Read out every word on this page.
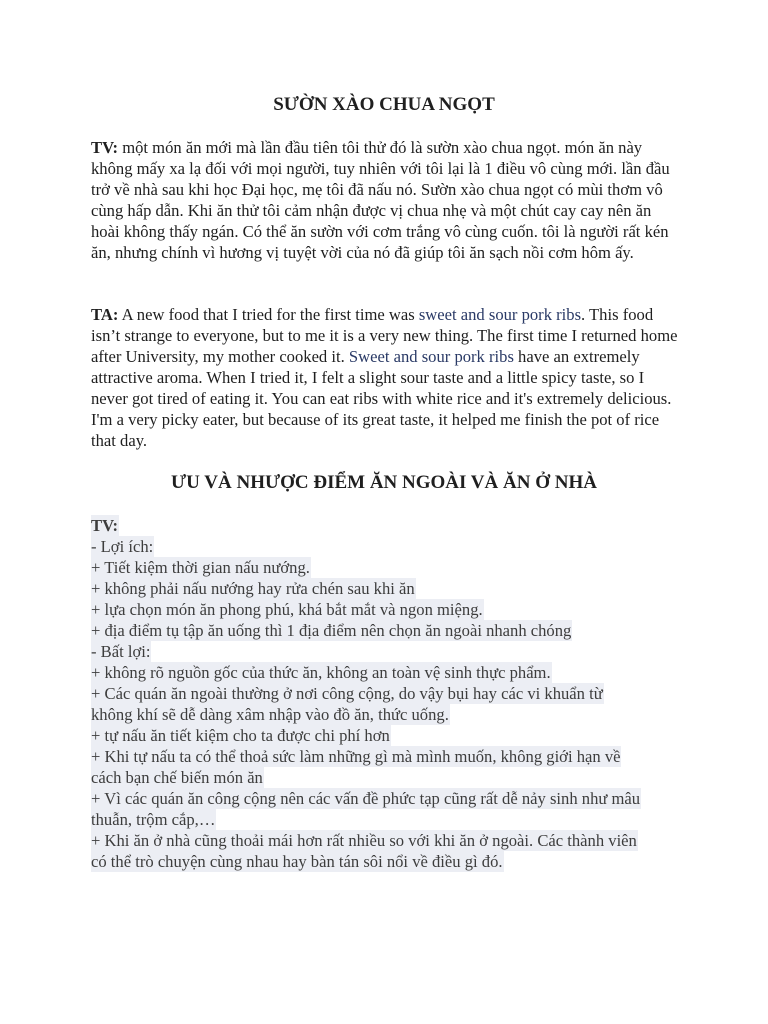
SƯỜN XÀO CHUA NGỌT

TV: một món ăn mới mà lần đầu tiên tôi thử đó là sườn xào chua ngọt. món ăn này không mấy xa lạ đối với mọi người, tuy nhiên với tôi lại là 1 điều vô cùng mới. lần đầu trở về nhà sau khi học Đại học, mẹ tôi đã nấu nó. Sườn xào chua ngọt có mùi thơm vô cùng hấp dẫn. Khi ăn thử tôi cảm nhận được vị chua nhẹ và một chút cay cay nên ăn hoài không thấy ngán. Có thể ăn sườn với cơm trắng vô cùng cuốn. tôi là người rất kén ăn, nhưng chính vì hương vị tuyệt vời của nó đã giúp tôi ăn sạch nồi cơm hôm ấy.

TA: A new food that I tried for the first time was sweet and sour pork ribs. This food isn’t strange to everyone, but to me it is a very new thing. The first time I returned home after University, my mother cooked it. Sweet and sour pork ribs have an extremely attractive aroma. When I tried it, I felt a slight sour taste and a little spicy taste, so I never got tired of eating it. You can eat ribs with white rice and it's extremely delicious. I'm a very picky eater, but because of its great taste, it helped me finish the pot of rice that day.

ƯU VÀ NHƯỢC ĐIỂM ĂN NGOÀI VÀ ĂN Ở NHÀ
TV:
- Lợi ích:
+ Tiết kiệm thời gian nấu nướng.
+ không phải nấu nướng hay rửa chén sau khi ăn
+ lựa chọn món ăn phong phú, khá bắt mắt và ngon miệng.
+ địa điểm tụ tập ăn uống thì 1 địa điểm nên chọn ăn ngoài nhanh chóng
- Bất lợi:
+ không rõ nguồn gốc của thức ăn, không an toàn vệ sinh thực phẩm.
+ Các quán ăn ngoài thường ở nơi công cộng, do vậy bụi hay các vi khuẩn từ
không khí sẽ dễ dàng xâm nhập vào đồ ăn, thức uống.
+ tự nấu ăn tiết kiệm cho ta được chi phí hơn
+ Khi tự nấu ta có thể thoả sức làm những gì mà mình muốn, không giới hạn về
cách bạn chế biến món ăn
+ Vì các quán ăn công cộng nên các vấn đề phức tạp cũng rất dễ nảy sinh như mâu
thuẫn, trộm cắp,…
+ Khi ăn ở nhà cũng thoải mái hơn rất nhiều so với khi ăn ở ngoài. Các thành viên
có thể trò chuyện cùng nhau hay bàn tán sôi nổi về điều gì đó.
